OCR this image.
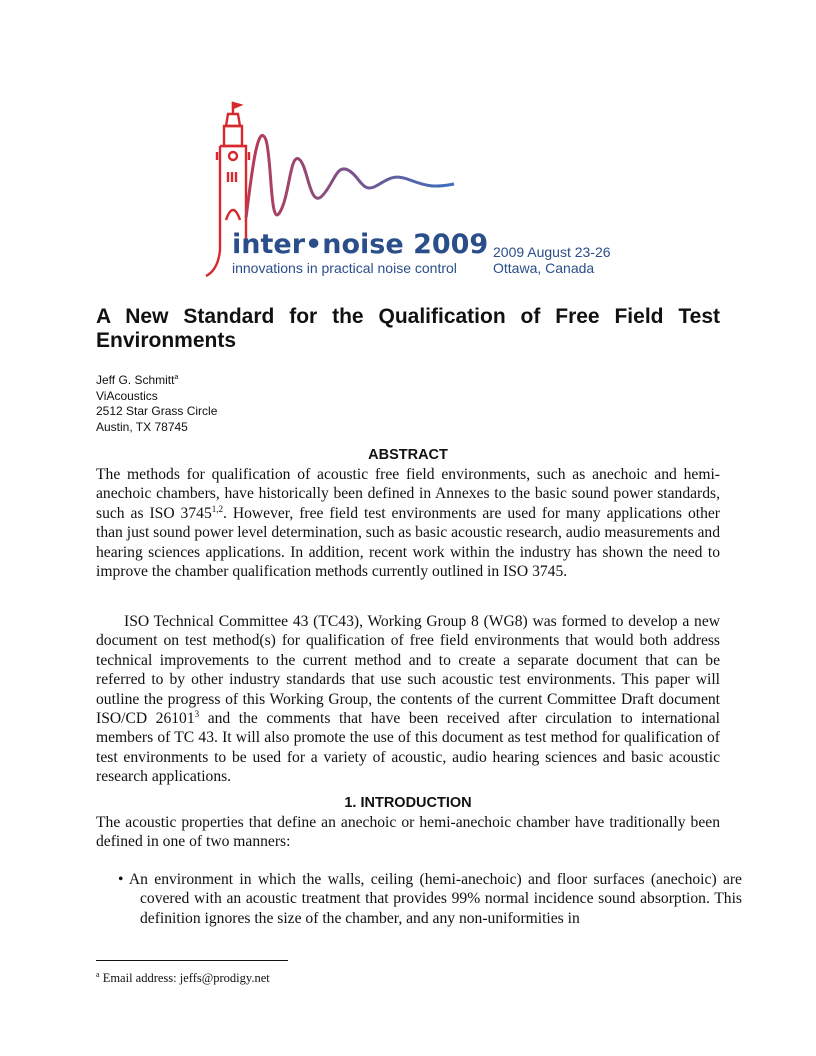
inter•noise 2009
innovations in practical noise control
2009 August 23-26
Ottawa, Canada
A New Standard for the Qualification of Free Field Test Environments
Jeff G. Schmitt$^a$
ViAcoustics
2512 Star Grass Circle
Austin, TX 78745
ABSTRACT

The methods for qualification of acoustic free field environments, such as anechoic and hemi-anechoic chambers, have historically been defined in Annexes to the basic sound power standards, such as ISO 3745$^{1,2}$. However, free field test environments are used for many applications other than just sound power level determination, such as basic acoustic research, audio measurements and hearing sciences applications. In addition, recent work within the industry has shown the need to improve the chamber qualification methods currently outlined in ISO 3745.

ISO Technical Committee 43 (TC43), Working Group 8 (WG8) was formed to develop a new document on test method(s) for qualification of free field environments that would both address technical improvements to the current method and to create a separate document that can be referred to by other industry standards that use such acoustic test environments. This paper will outline the progress of this Working Group, the contents of the current Committee Draft document ISO/CD 26101$^3$ and the comments that have been received after circulation to international members of TC 43. It will also promote the use of this document as test method for qualification of test environments to be used for a variety of acoustic, audio hearing sciences and basic acoustic research applications.

1. INTRODUCTION

The acoustic properties that define an anechoic or hemi-anechoic chamber have traditionally been defined in one of two manners:

• An environment in which the walls, ceiling (hemi-anechoic) and floor surfaces (anechoic) are covered with an acoustic treatment that provides 99% normal incidence sound absorption. This definition ignores the size of the chamber, and any non-uniformities in

$^a$ Email address: jeffs@prodigy.net
